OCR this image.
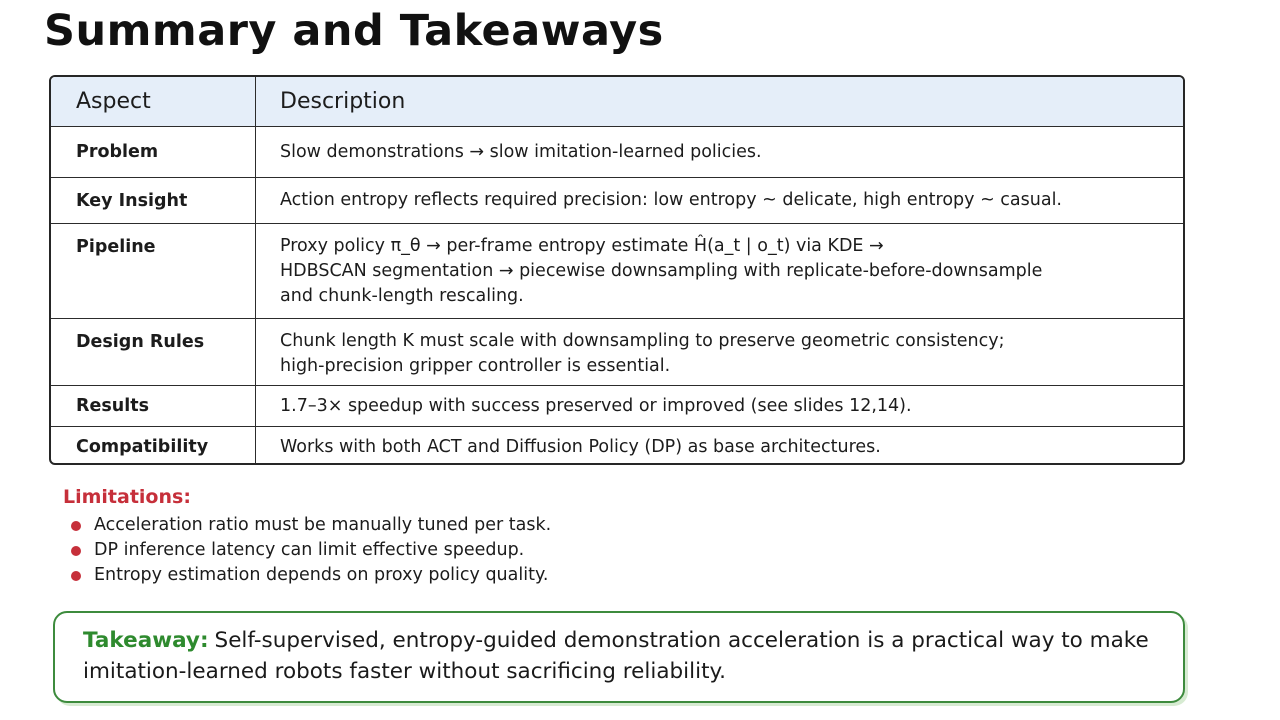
Summary and Takeaways
Aspect	Description
Problem	Slow demonstrations → slow imitation-learned policies.
Key Insight	Action entropy reflects required precision: low entropy ~ delicate, high entropy ~ casual.
Pipeline	Proxy policy π_θ → per-frame entropy estimate Ĥ(a_t | o_t) via KDE →
HDBSCAN segmentation → piecewise downsampling with replicate-before-downsample
and chunk-length rescaling.
Design Rules	Chunk length K must scale with downsampling to preserve geometric consistency;
high-precision gripper controller is essential.
Results	1.7–3× speedup with success preserved or improved (see slides 12,14).
Compatibility	Works with both ACT and Diffusion Policy (DP) as base architectures.
Limitations:
Acceleration ratio must be manually tuned per task.
DP inference latency can limit effective speedup.
Entropy estimation depends on proxy policy quality.
Takeaway: Self-supervised, entropy-guided demonstration acceleration is a practical way to make imitation-learned robots faster without sacrificing reliability.
